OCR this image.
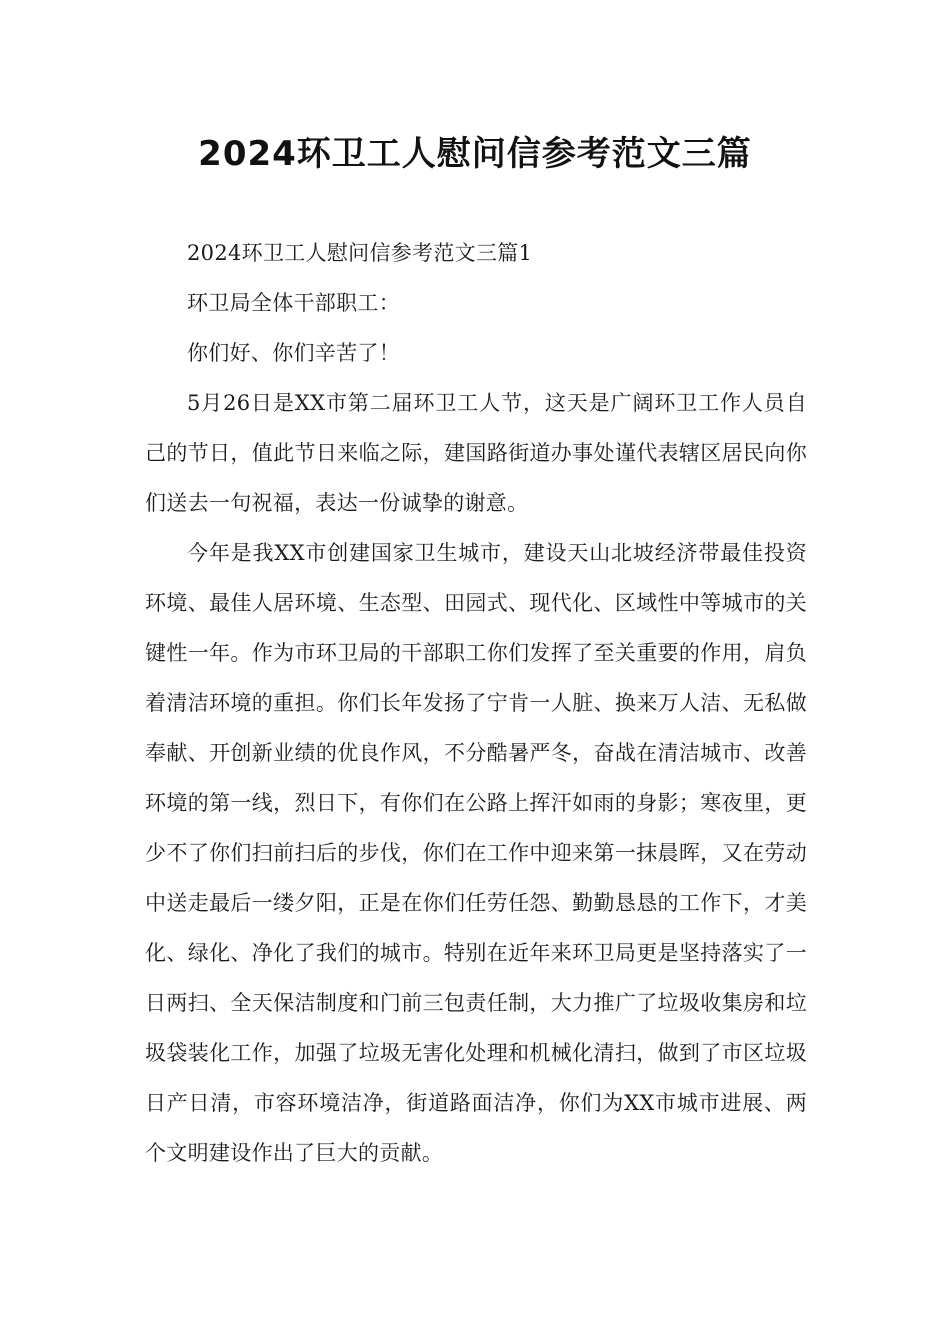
2024环卫工人慰问信参考范文三篇

2024环卫工人慰问信参考范文三篇1

环卫局全体干部职工：

你们好、你们辛苦了！

5月26日是XX市第二届环卫工人节，这天是广阔环卫工作人员自己的节日，值此节日来临之际，建国路街道办事处谨代表辖区居民向你们送去一句祝福，表达一份诚挚的谢意。

今年是我XX市创建国家卫生城市，建设天山北坡经济带最佳投资环境、最佳人居环境、生态型、田园式、现代化、区域性中等城市的关键性一年。作为市环卫局的干部职工你们发挥了至关重要的作用，肩负着清洁环境的重担。你们长年发扬了宁肯一人脏、换来万人洁、无私做奉献、开创新业绩的优良作风，不分酷暑严冬，奋战在清洁城市、改善环境的第一线，烈日下，有你们在公路上挥汗如雨的身影；寒夜里，更少不了你们扫前扫后的步伐，你们在工作中迎来第一抹晨晖，又在劳动中送走最后一缕夕阳，正是在你们任劳任怨、勤勤恳恳的工作下，才美化、绿化、净化了我们的城市。特别在近年来环卫局更是坚持落实了一日两扫、全天保洁制度和门前三包责任制，大力推广了垃圾收集房和垃圾袋装化工作，加强了垃圾无害化处理和机械化清扫，做到了市区垃圾日产日清，市容环境洁净，街道路面洁净，你们为XX市城市进展、两个文明建设作出了巨大的贡献。
